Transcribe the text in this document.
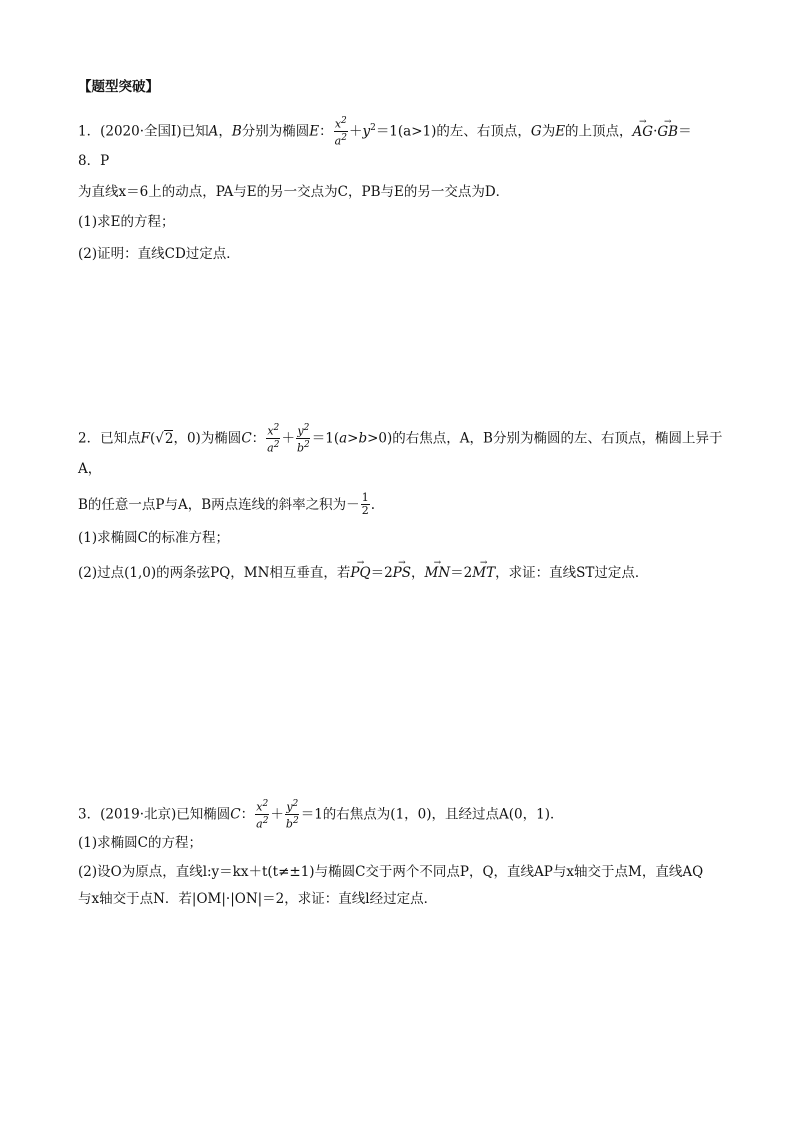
【题型突破】
1．(2020·全国Ⅰ)已知A，B分别为椭圆E： $\frac{x^2}{a^2} +y^2=1(a>1)$的左、右顶点，G为E的上顶点，→ AG·→ GB＝
8．P
为直线x＝6上的动点，PA与E的另一交点为C，PB与E的另一交点为D．
(1)求E的方程；
(2)证明：直线CD过定点．
2．已知点F(√2，0)为椭圆C： $\frac{x^2}{a^2} + \frac{y^2}{b^2} =1(a>b>0)$的右焦点，A，B分别为椭圆的左、右顶点，椭圆上异于
A，
B的任意一点P与A，B两点连线的斜率之积为－ $\frac{1}{2}$ .
(1)求椭圆C的标准方程；
(2)过点(1,0)的两条弦PQ，MN相互垂直，若→ PQ＝2→ PS，→ MN＝2→ MT，求证：直线ST过定点．
3．(2019·北京)已知椭圆C： $\frac{x^2}{a^2} + \frac{y^2}{b^2} =1$的右焦点为(1，0)，且经过点A(0，1)．
(1)求椭圆C的方程；
(2)设O为原点，直线l:y＝kx＋t(t≠±1)与椭圆C交于两个不同点P，Q，直线AP与x轴交于点M，直线AQ
与x轴交于点N．若|OM|·|ON|＝2，求证：直线l经过定点．
